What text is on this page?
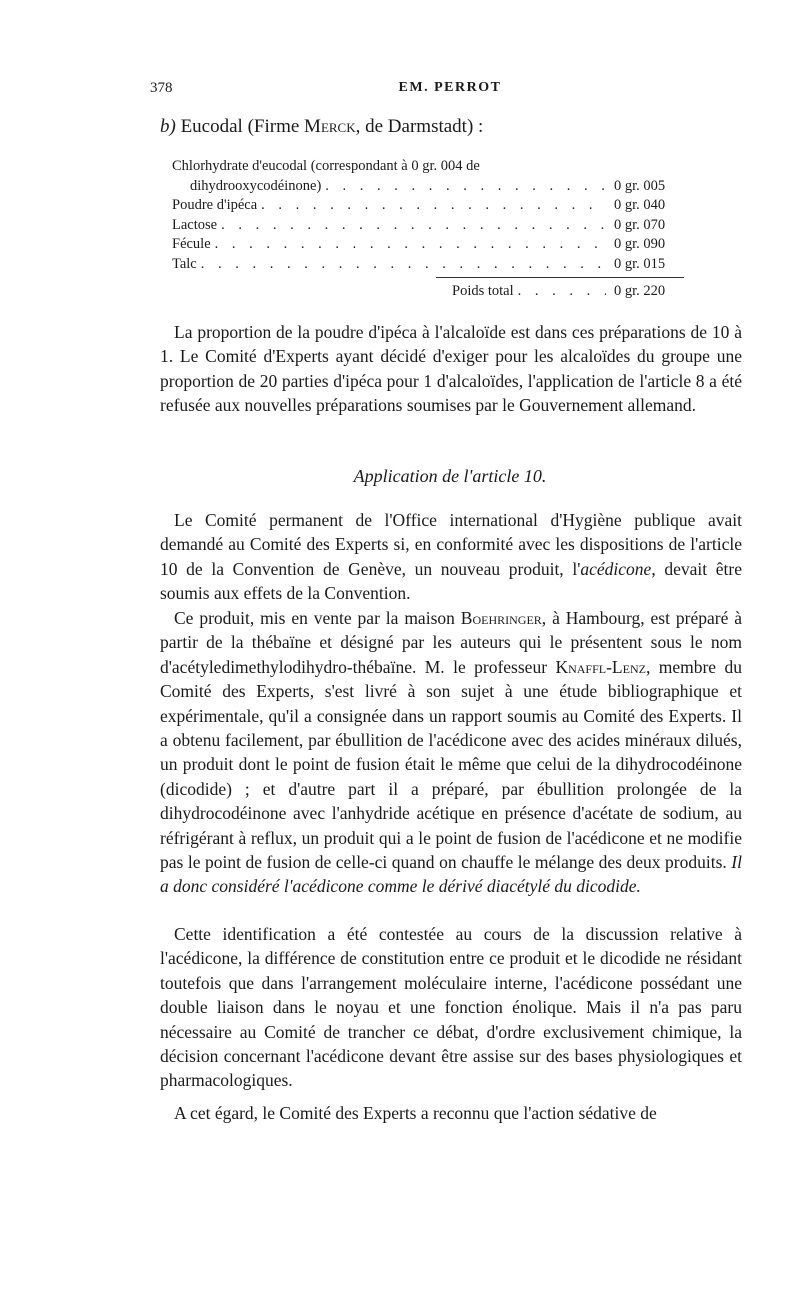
378	EM. PERROT
b) Eucodal (Firme Merck, de Darmstadt) :
Chlorhydrate d'eucodal (correspondant à 0 gr. 004 de
dihydrooxycodéinone) . . .	0 gr. 005
Poudre d'ipéca . . .	0 gr. 040
Lactose . . .	0 gr. 070
Fécule . . .	0 gr. 090
Talc . . .	0 gr. 015
Poids total . . .	0 gr. 220

La proportion de la poudre d'ipéca à l'alcaloïde est dans ces préparations de 10 à 1. Le Comité d'Experts ayant décidé d'exiger pour les alcaloïdes du groupe une proportion de 20 parties d'ipéca pour 1 d'alcaloïdes, l'application de l'article 8 a été refusée aux nouvelles préparations soumises par le Gouvernement allemand.

Application de l'article 10.

Le Comité permanent de l'Office international d'Hygiène publique avait demandé au Comité des Experts si, en conformité avec les dispositions de l'article 10 de la Convention de Genève, un nouveau produit, l'acédicone, devait être soumis aux effets de la Convention.

Ce produit, mis en vente par la maison Boehringer, à Hambourg, est préparé à partir de la thébaïne et désigné par les auteurs qui le présentent sous le nom d'acétyledimethylodihydro-thébaïne. M. le professeur Knaffl-Lenz, membre du Comité des Experts, s'est livré à son sujet à une étude bibliographique et expérimentale, qu'il a consignée dans un rapport soumis au Comité des Experts. Il a obtenu facilement, par ébullition de l'acédicone avec des acides minéraux dilués, un produit dont le point de fusion était le même que celui de la dihydrocodéinone (dicodide) ; et d'autre part il a préparé, par ébullition prolongée de la dihydrocodéinone avec l'anhydride acétique en présence d'acétate de sodium, au réfrigérant à reflux, un produit qui a le point de fusion de l'acédicone et ne modifie pas le point de fusion de celle-ci quand on chauffe le mélange des deux produits. Il a donc considéré l'acédicone comme le dérivé diacétylé du dicodide.

Cette identification a été contestée au cours de la discussion relative à l'acédicone, la différence de constitution entre ce produit et le dicodide ne résidant toutefois que dans l'arrangement moléculaire interne, l'acédicone possédant une double liaison dans le noyau et une fonction énolique. Mais il n'a pas paru nécessaire au Comité de trancher ce débat, d'ordre exclusivement chimique, la décision concernant l'acédicone devant être assise sur des bases physiologiques et pharmacologiques.

A cet égard, le Comité des Experts a reconnu que l'action sédative de
